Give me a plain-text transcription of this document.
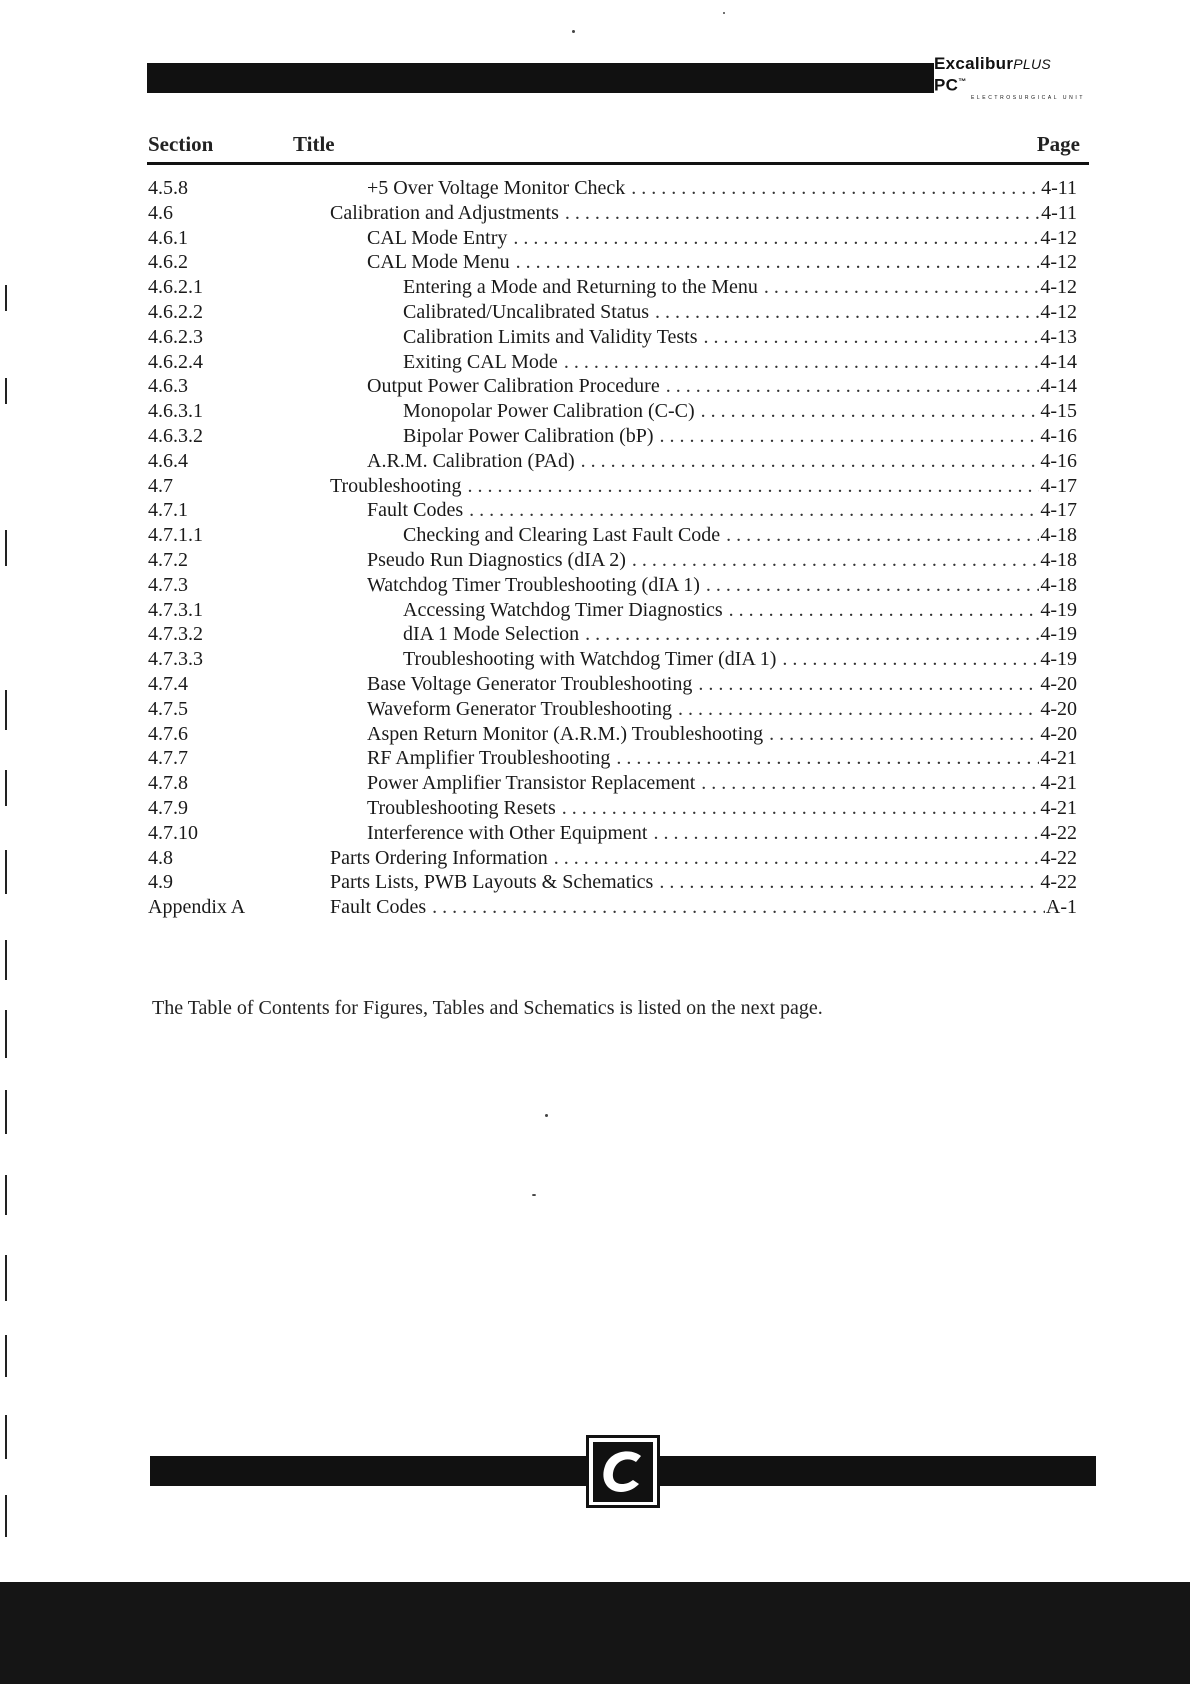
ExcaliburPLUS PC™
ELECTROSURGICAL UNIT
Section	Title	Page
4.5.8	+5 Over Voltage Monitor Check . . .	4-11
4.6	Calibration and Adjustments . . .	4-11
4.6.1	CAL Mode Entry . . .	4-12
4.6.2	CAL Mode Menu . . .	4-12
4.6.2.1	Entering a Mode and Returning to the Menu . . .	4-12
4.6.2.2	Calibrated/Uncalibrated Status . . .	4-12
4.6.2.3	Calibration Limits and Validity Tests . . .	4-13
4.6.2.4	Exiting CAL Mode . . .	4-14
4.6.3	Output Power Calibration Procedure . . .	4-14
4.6.3.1	Monopolar Power Calibration (C-C) . . .	4-15
4.6.3.2	Bipolar Power Calibration (bP) . . .	4-16
4.6.4	A.R.M. Calibration (PAd) . . .	4-16
4.7	Troubleshooting . . .	4-17
4.7.1	Fault Codes . . .	4-17
4.7.1.1	Checking and Clearing Last Fault Code . . .	4-18
4.7.2	Pseudo Run Diagnostics (dIA 2) . . .	4-18
4.7.3	Watchdog Timer Troubleshooting (dIA 1) . . .	4-18
4.7.3.1	Accessing Watchdog Timer Diagnostics . . .	4-19
4.7.3.2	dIA 1 Mode Selection . . .	4-19
4.7.3.3	Troubleshooting with Watchdog Timer (dIA 1) . . .	4-19
4.7.4	Base Voltage Generator Troubleshooting . . .	4-20
4.7.5	Waveform Generator Troubleshooting . . .	4-20
4.7.6	Aspen Return Monitor (A.R.M.) Troubleshooting . . .	4-20
4.7.7	RF Amplifier Troubleshooting . . .	4-21
4.7.8	Power Amplifier Transistor Replacement . . .	4-21
4.7.9	Troubleshooting Resets . . .	4-21
4.7.10	Interference with Other Equipment . . .	4-22
4.8	Parts Ordering Information . . .	4-22
4.9	Parts Lists, PWB Layouts & Schematics . . .	4-22
Appendix A	Fault Codes . . .	A-1
The Table of Contents for Figures, Tables and Schematics is listed on the next page.
